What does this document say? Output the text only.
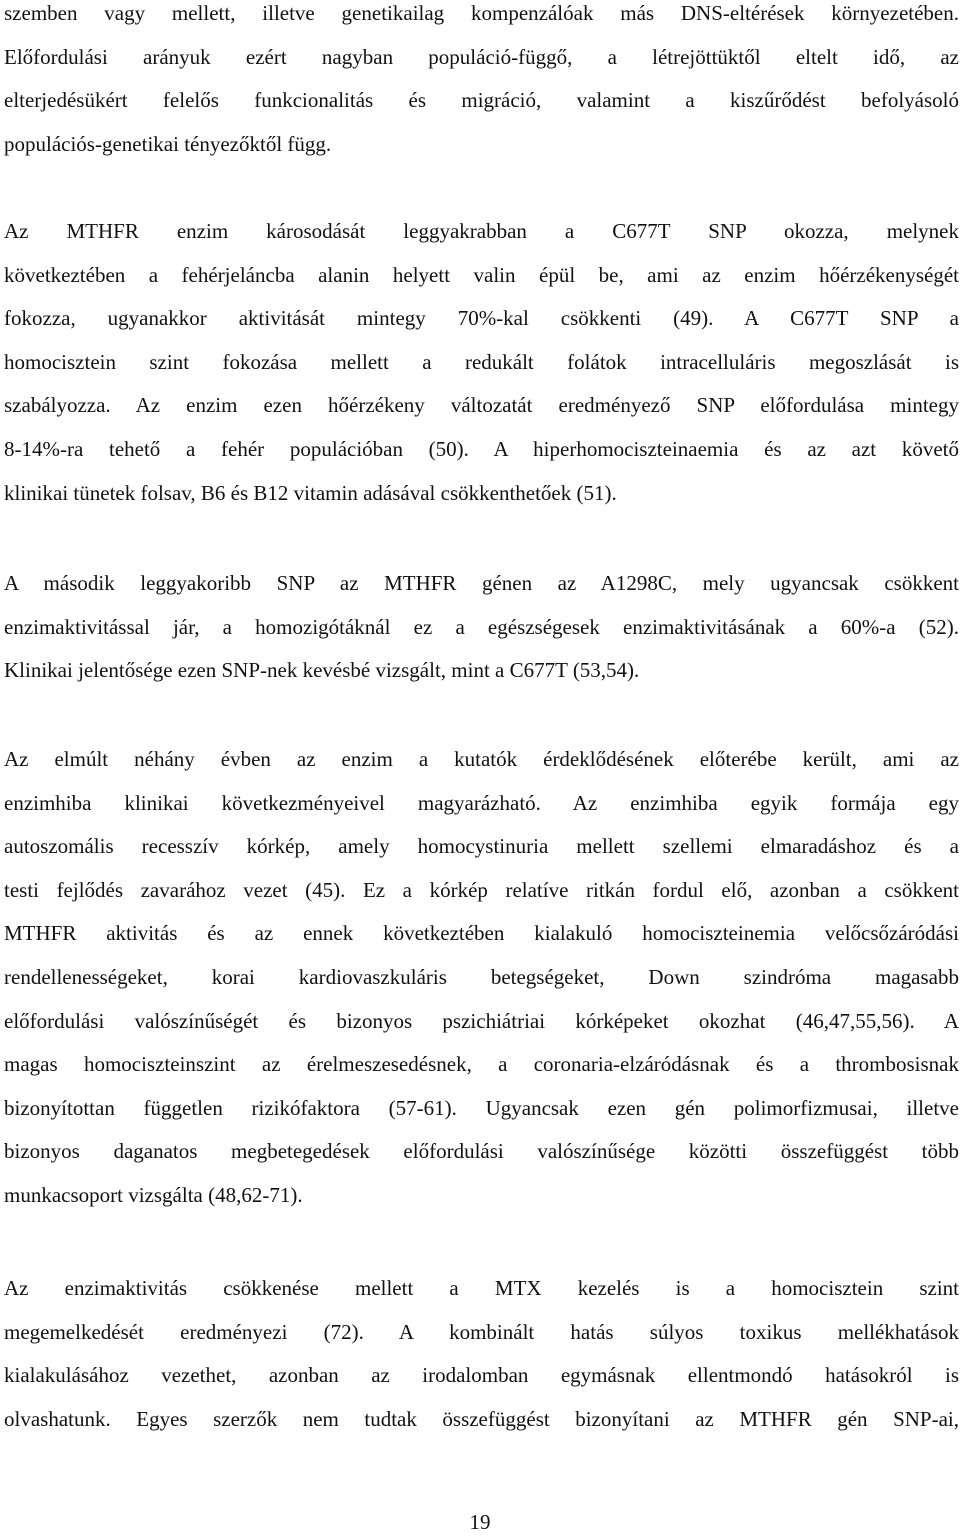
szemben vagy mellett, illetve genetikailag kompenzálóak más DNS-eltérések környezetében.
Előfordulási arányuk ezért nagyban populáció-függő, a létrejöttüktől eltelt idő, az
elterjedésükért felelős funkcionalitás és migráció, valamint a kiszűrődést befolyásoló
populációs-genetikai tényezőktől függ.

Az MTHFR enzim károsodását leggyakrabban a C677T SNP okozza, melynek
következtében a fehérjeláncba alanin helyett valin épül be, ami az enzim hőérzékenységét
fokozza, ugyanakkor aktivitását mintegy 70%-kal csökkenti (49). A C677T SNP a
homocisztein szint fokozása mellett a redukált folátok intracelluláris megoszlását is
szabályozza. Az enzim ezen hőérzékeny változatát eredményező SNP előfordulása mintegy
8-14%-ra tehető a fehér populációban (50). A hiperhomociszteinaemia és az azt követő
klinikai tünetek folsav, B6 és B12 vitamin adásával csökkenthetőek (51).

A második leggyakoribb SNP az MTHFR génen az A1298C, mely ugyancsak csökkent
enzimaktivitással jár, a homozigótáknál ez a egészségesek enzimaktivitásának a 60%-a (52).
Klinikai jelentősége ezen SNP-nek kevésbé vizsgált, mint a C677T (53,54).

Az elmúlt néhány évben az enzim a kutatók érdeklődésének előterébe került, ami az
enzimhiba klinikai következményeivel magyarázható. Az enzimhiba egyik formája egy
autoszomális recesszív kórkép, amely homocystinuria mellett szellemi elmaradáshoz és a
testi fejlődés zavarához vezet (45). Ez a kórkép relatíve ritkán fordul elő, azonban a csökkent
MTHFR aktivitás és az ennek következtében kialakuló homociszteinemia velőcsőzáródási
rendellenességeket, korai kardiovaszkuláris betegségeket, Down szindróma magasabb
előfordulási valószínűségét és bizonyos pszichiátriai kórképeket okozhat (46,47,55,56). A
magas homociszteinszint az érelmeszesedésnek, a coronaria-elzáródásnak és a thrombosisnak
bizonyítottan független rizikófaktora (57-61). Ugyancsak ezen gén polimorfizmusai, illetve
bizonyos daganatos megbetegedések előfordulási valószínűsége közötti összefüggést több
munkacsoport vizsgálta (48,62-71).

Az enzimaktivitás csökkenése mellett a MTX kezelés is a homocisztein szint
megemelkedését eredményezi (72). A kombinált hatás súlyos toxikus mellékhatások
kialakulásához vezethet, azonban az irodalomban egymásnak ellentmondó hatásokról is
olvashatunk. Egyes szerzők nem tudtak összefüggést bizonyítani az MTHFR gén SNP-ai,

19
